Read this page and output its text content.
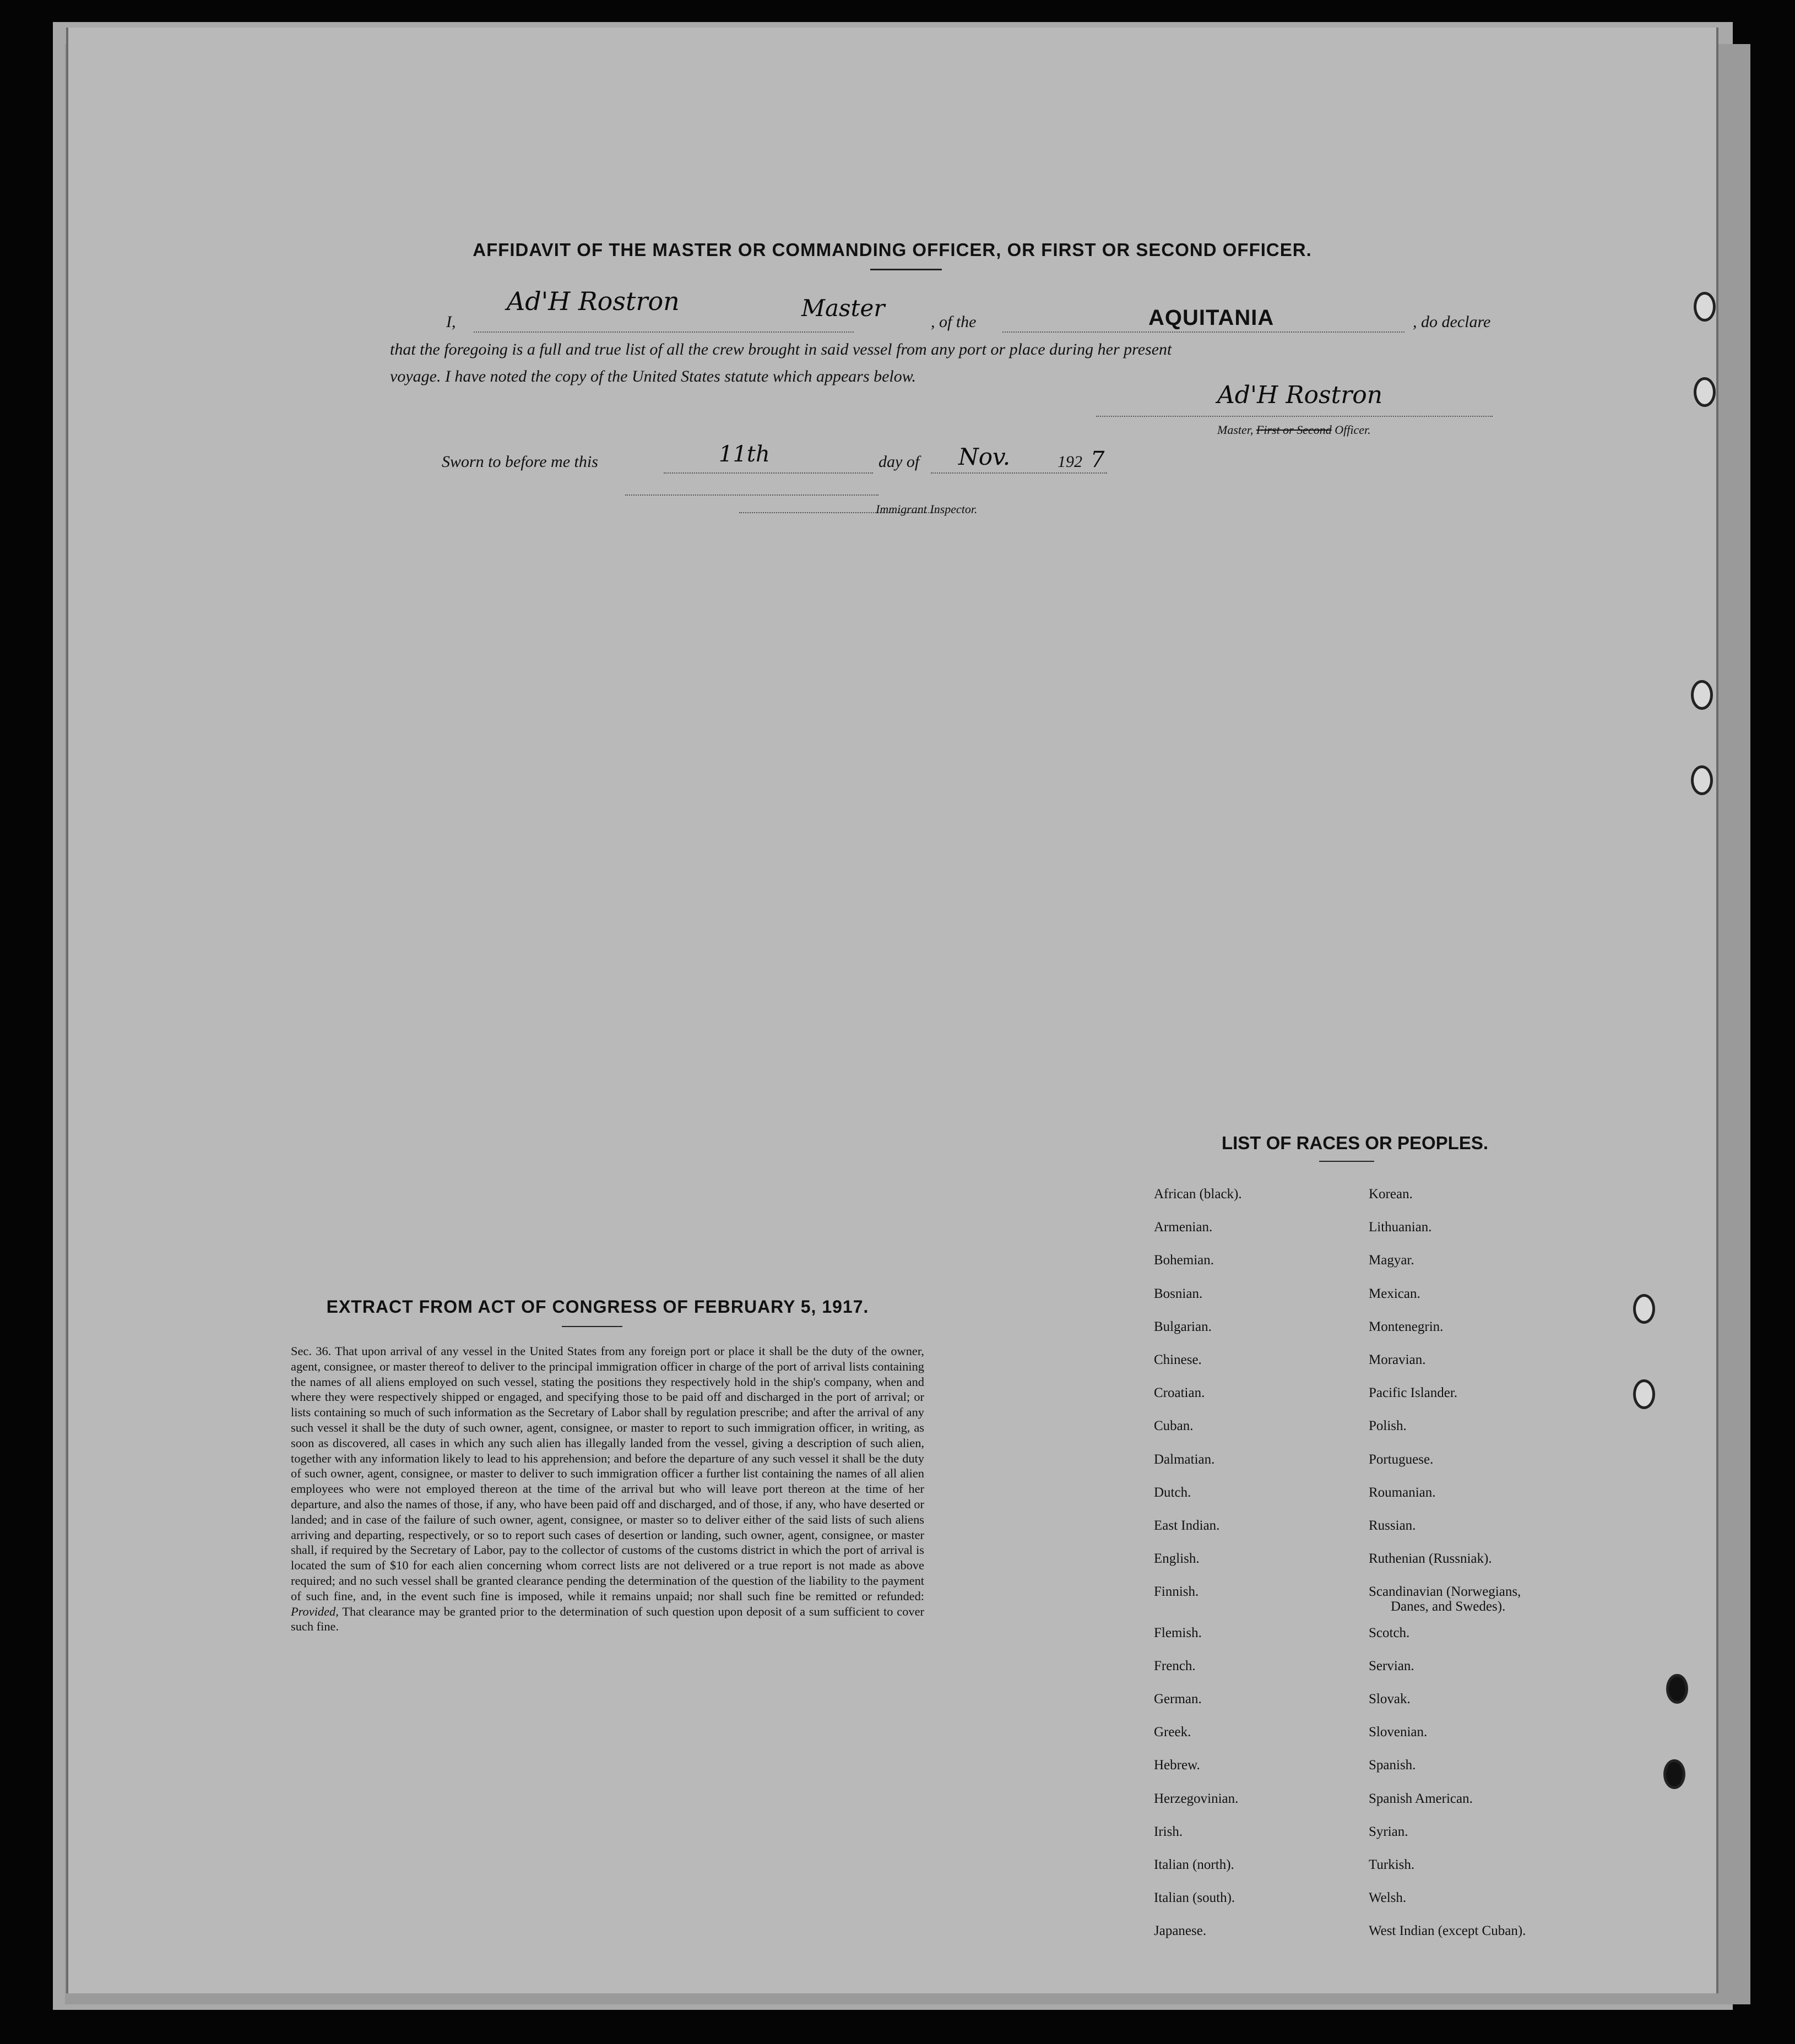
AFFIDAVIT OF THE MASTER OR COMMANDING OFFICER, OR FIRST OR SECOND OFFICER.
I,
Ad'H Rostron	Master
, of the	AQUITANIA	, do declare
that the foregoing is a full and true list of all the crew brought in said vessel from any port or place during her present
voyage. I have noted the copy of the United States statute which appears below.
Ad'H Rostron
Master, First or Second Officer.
Sworn to before me this	11th	day of Nov.	192 7
Immigrant Inspector.
LIST OF RACES OR PEOPLES.
African (black).	Korean.
Armenian.	Lithuanian.
Bohemian.	Magyar.
Bosnian.	Mexican.
Bulgarian.	Montenegrin.
Chinese.	Moravian.
Croatian.	Pacific Islander.
Cuban.	Polish.
Dalmatian.	Portuguese.
Dutch.	Roumanian.
East Indian.	Russian.
English.	Ruthenian (Russniak).
Finnish.	Scandinavian (Norwegians,
Danes, and Swedes).
Flemish.	Scotch.
French.	Servian.
German.	Slovak.
Greek.	Slovenian.
Hebrew.	Spanish.
Herzegovinian.	Spanish American.
Irish.	Syrian.
Italian (north).	Turkish.
Italian (south).	Welsh.
Japanese.	West Indian (except Cuban).
EXTRACT FROM ACT OF CONGRESS OF FEBRUARY 5, 1917.
Sec. 36. That upon arrival of any vessel in the United States from any foreign port or place it shall be the duty of the owner, agent, consignee, or master thereof to deliver to the principal immigration officer in charge of the port of arrival lists containing the names of all aliens employed on such vessel, stating the positions they respectively hold in the ship's company, when and where they were respectively shipped or engaged, and specifying those to be paid off and discharged in the port of arrival; or lists containing so much of such information as the Secretary of Labor shall by regulation prescribe; and after the arrival of any such vessel it shall be the duty of such owner, agent, consignee, or master to report to such immigration officer, in writing, as soon as discovered, all cases in which any such alien has illegally landed from the vessel, giving a description of such alien, together with any information likely to lead to his apprehension; and before the departure of any such vessel it shall be the duty of such owner, agent, consignee, or master to deliver to such immigration officer a further list containing the names of all alien employees who were not employed thereon at the time of the arrival but who will leave port thereon at the time of her departure, and also the names of those, if any, who have been paid off and discharged, and of those, if any, who have deserted or landed; and in case of the failure of such owner, agent, consignee, or master so to deliver either of the said lists of such aliens arriving and departing, respectively, or so to report such cases of desertion or landing, such owner, agent, consignee, or master shall, if required by the Secretary of Labor, pay to the collector of customs of the customs district in which the port of arrival is located the sum of $10 for each alien concerning whom correct lists are not delivered or a true report is not made as above required; and no such vessel shall be granted clearance pending the determination of the question of the liability to the payment of such fine, and, in the event such fine is imposed, while it remains unpaid; nor shall such fine be remitted or refunded: Provided, That clearance may be granted prior to the determination of such question upon deposit of a sum sufficient to cover such fine.
